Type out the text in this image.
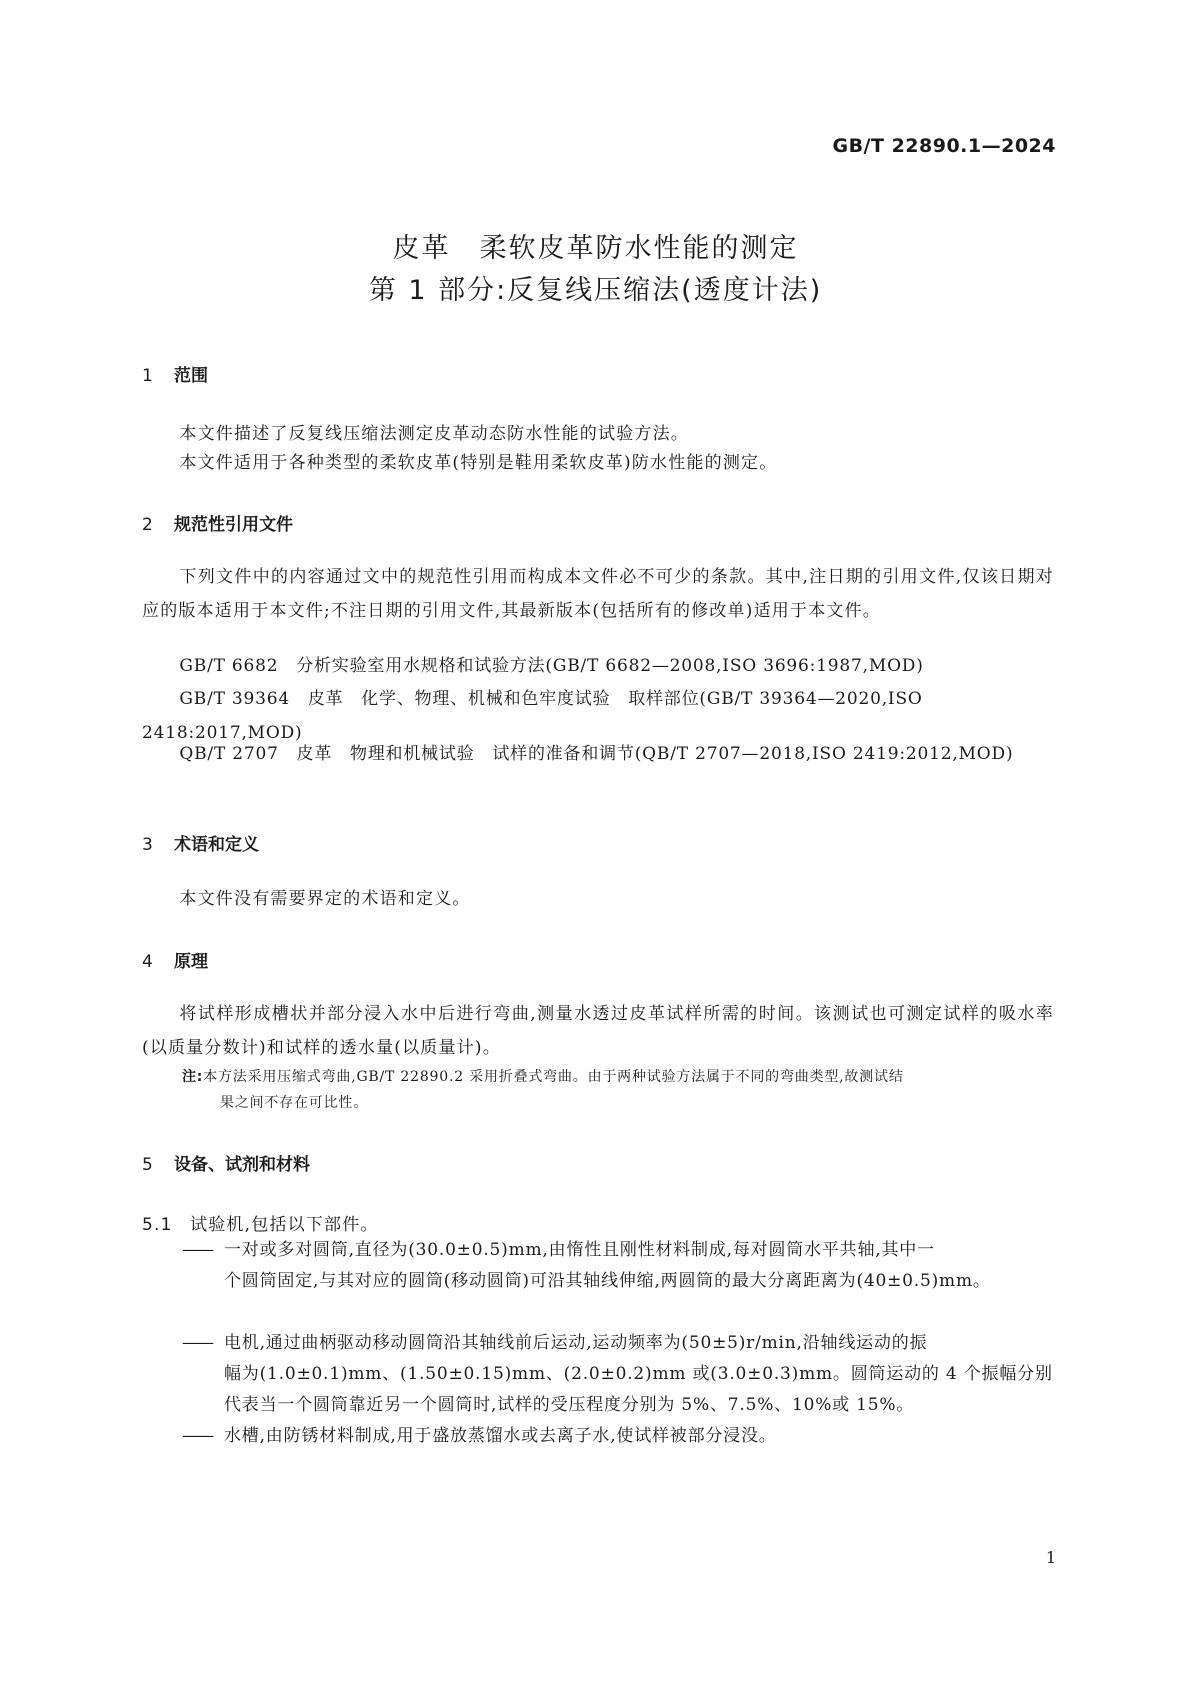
GB/T 22890.1—2024
皮革　柔软皮革防水性能的测定
第 1 部分:反复线压缩法(透度计法)
1 范围
本文件描述了反复线压缩法测定皮革动态防水性能的试验方法。
本文件适用于各种类型的柔软皮革(特别是鞋用柔软皮革)防水性能的测定。
2 规范性引用文件
下列文件中的内容通过文中的规范性引用而构成本文件必不可少的条款。其中,注日期的引用文件,仅该日期对应的版本适用于本文件;不注日期的引用文件,其最新版本(包括所有的修改单)适用于本文件。
GB/T 6682　分析实验室用水规格和试验方法(GB/T 6682—2008,ISO 3696:1987,MOD)
GB/T 39364　皮革　化学、物理、机械和色牢度试验　取样部位(GB/T 39364—2020,ISO 2418:2017,MOD)
QB/T 2707　皮革　物理和机械试验　试样的准备和调节(QB/T 2707—2018,ISO 2419:2012,MOD)
3 术语和定义
本文件没有需要界定的术语和定义。
4 原理
将试样形成槽状并部分浸入水中后进行弯曲,测量水透过皮革试样所需的时间。该测试也可测定试样的吸水率(以质量分数计)和试样的透水量(以质量计)。
注:本方法采用压缩式弯曲,GB/T 22890.2 采用折叠式弯曲。由于两种试验方法属于不同的弯曲类型,故测试结
果之间不存在可比性。
5 设备、试剂和材料
5.1 试验机,包括以下部件。
—— 一对或多对圆筒,直径为(30.0±0.5)mm,由惰性且刚性材料制成,每对圆筒水平共轴,其中一
个圆筒固定,与其对应的圆筒(移动圆筒)可沿其轴线伸缩,两圆筒的最大分离距离为(40±0.5)mm。
—— 电机,通过曲柄驱动移动圆筒沿其轴线前后运动,运动频率为(50±5)r/min,沿轴线运动的振
幅为(1.0±0.1)mm、(1.50±0.15)mm、(2.0±0.2)mm 或(3.0±0.3)mm。圆筒运动的 4 个振幅分别代表当一个圆筒靠近另一个圆筒时,试样的受压程度分别为 5%、7.5%、10%或 15%。
—— 水槽,由防锈材料制成,用于盛放蒸馏水或去离子水,使试样被部分浸没。
1
